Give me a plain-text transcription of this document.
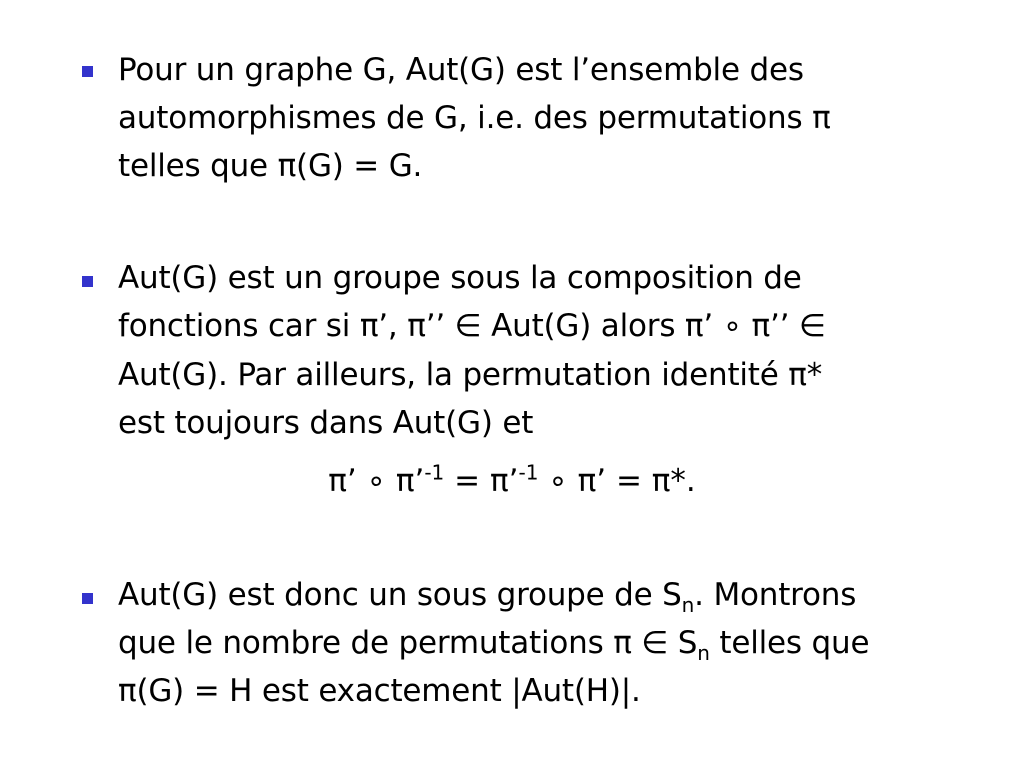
Pour un graphe G, Aut(G) est l’ensemble des
automorphismes de G, i.e. des permutations π
telles que π(G) = G.
Aut(G) est un groupe sous la composition de
fonctions car si π’, π’’ ∈ Aut(G) alors π’ ∘ π’’ ∈
Aut(G). Par ailleurs, la permutation identité π*
est toujours dans Aut(G) et
π’ ∘ π’$^{-1}$ = π’$^{-1}$ ∘ π’ = π*.
Aut(G) est donc un sous groupe de $S_n$. Montrons
que le nombre de permutations π ∈ $S_n$ telles que
π(G) = H est exactement |Aut(H)|.
